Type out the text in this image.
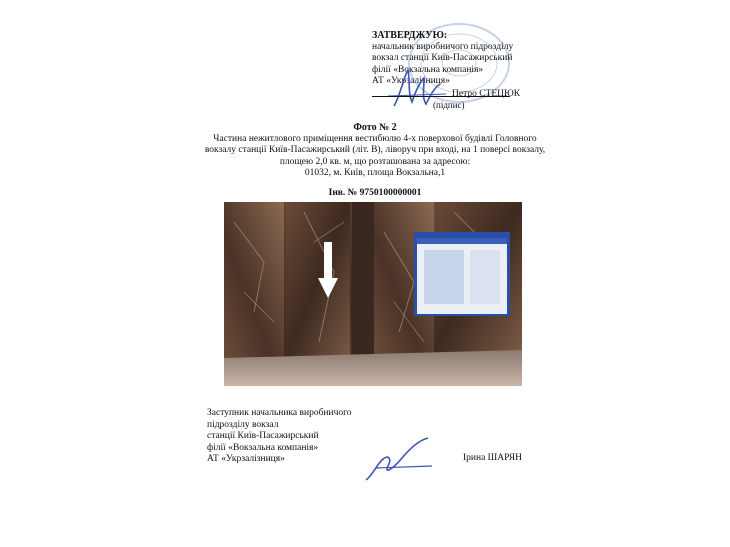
ЗАТВЕРДЖУЮ:
начальник виробничого підрозділу
вокзал станції Київ-Пасажирський
філії «Вокзальна компанія»
АТ «Укрзалізниця»
Петро СТЕЦЮК
(підпис)
Фото № 2
Частина нежитлового приміщення вестибюлю 4-х поверхової будівлі Головного
вокзалу станції Київ-Пасажирський (літ. В), ліворуч при вході, на 1 поверсі вокзалу,
площею 2,0 кв. м, що розташована за адресою:
01032, м. Київ, площа Вокзальна,1
Інв. № 9750100000001
Заступник начальника виробничого
підрозділу вокзал
станції Київ-Пасажирський
філії «Вокзальна компанія»
АТ «Укрзалізниця»	Ірина ШАРЯН
